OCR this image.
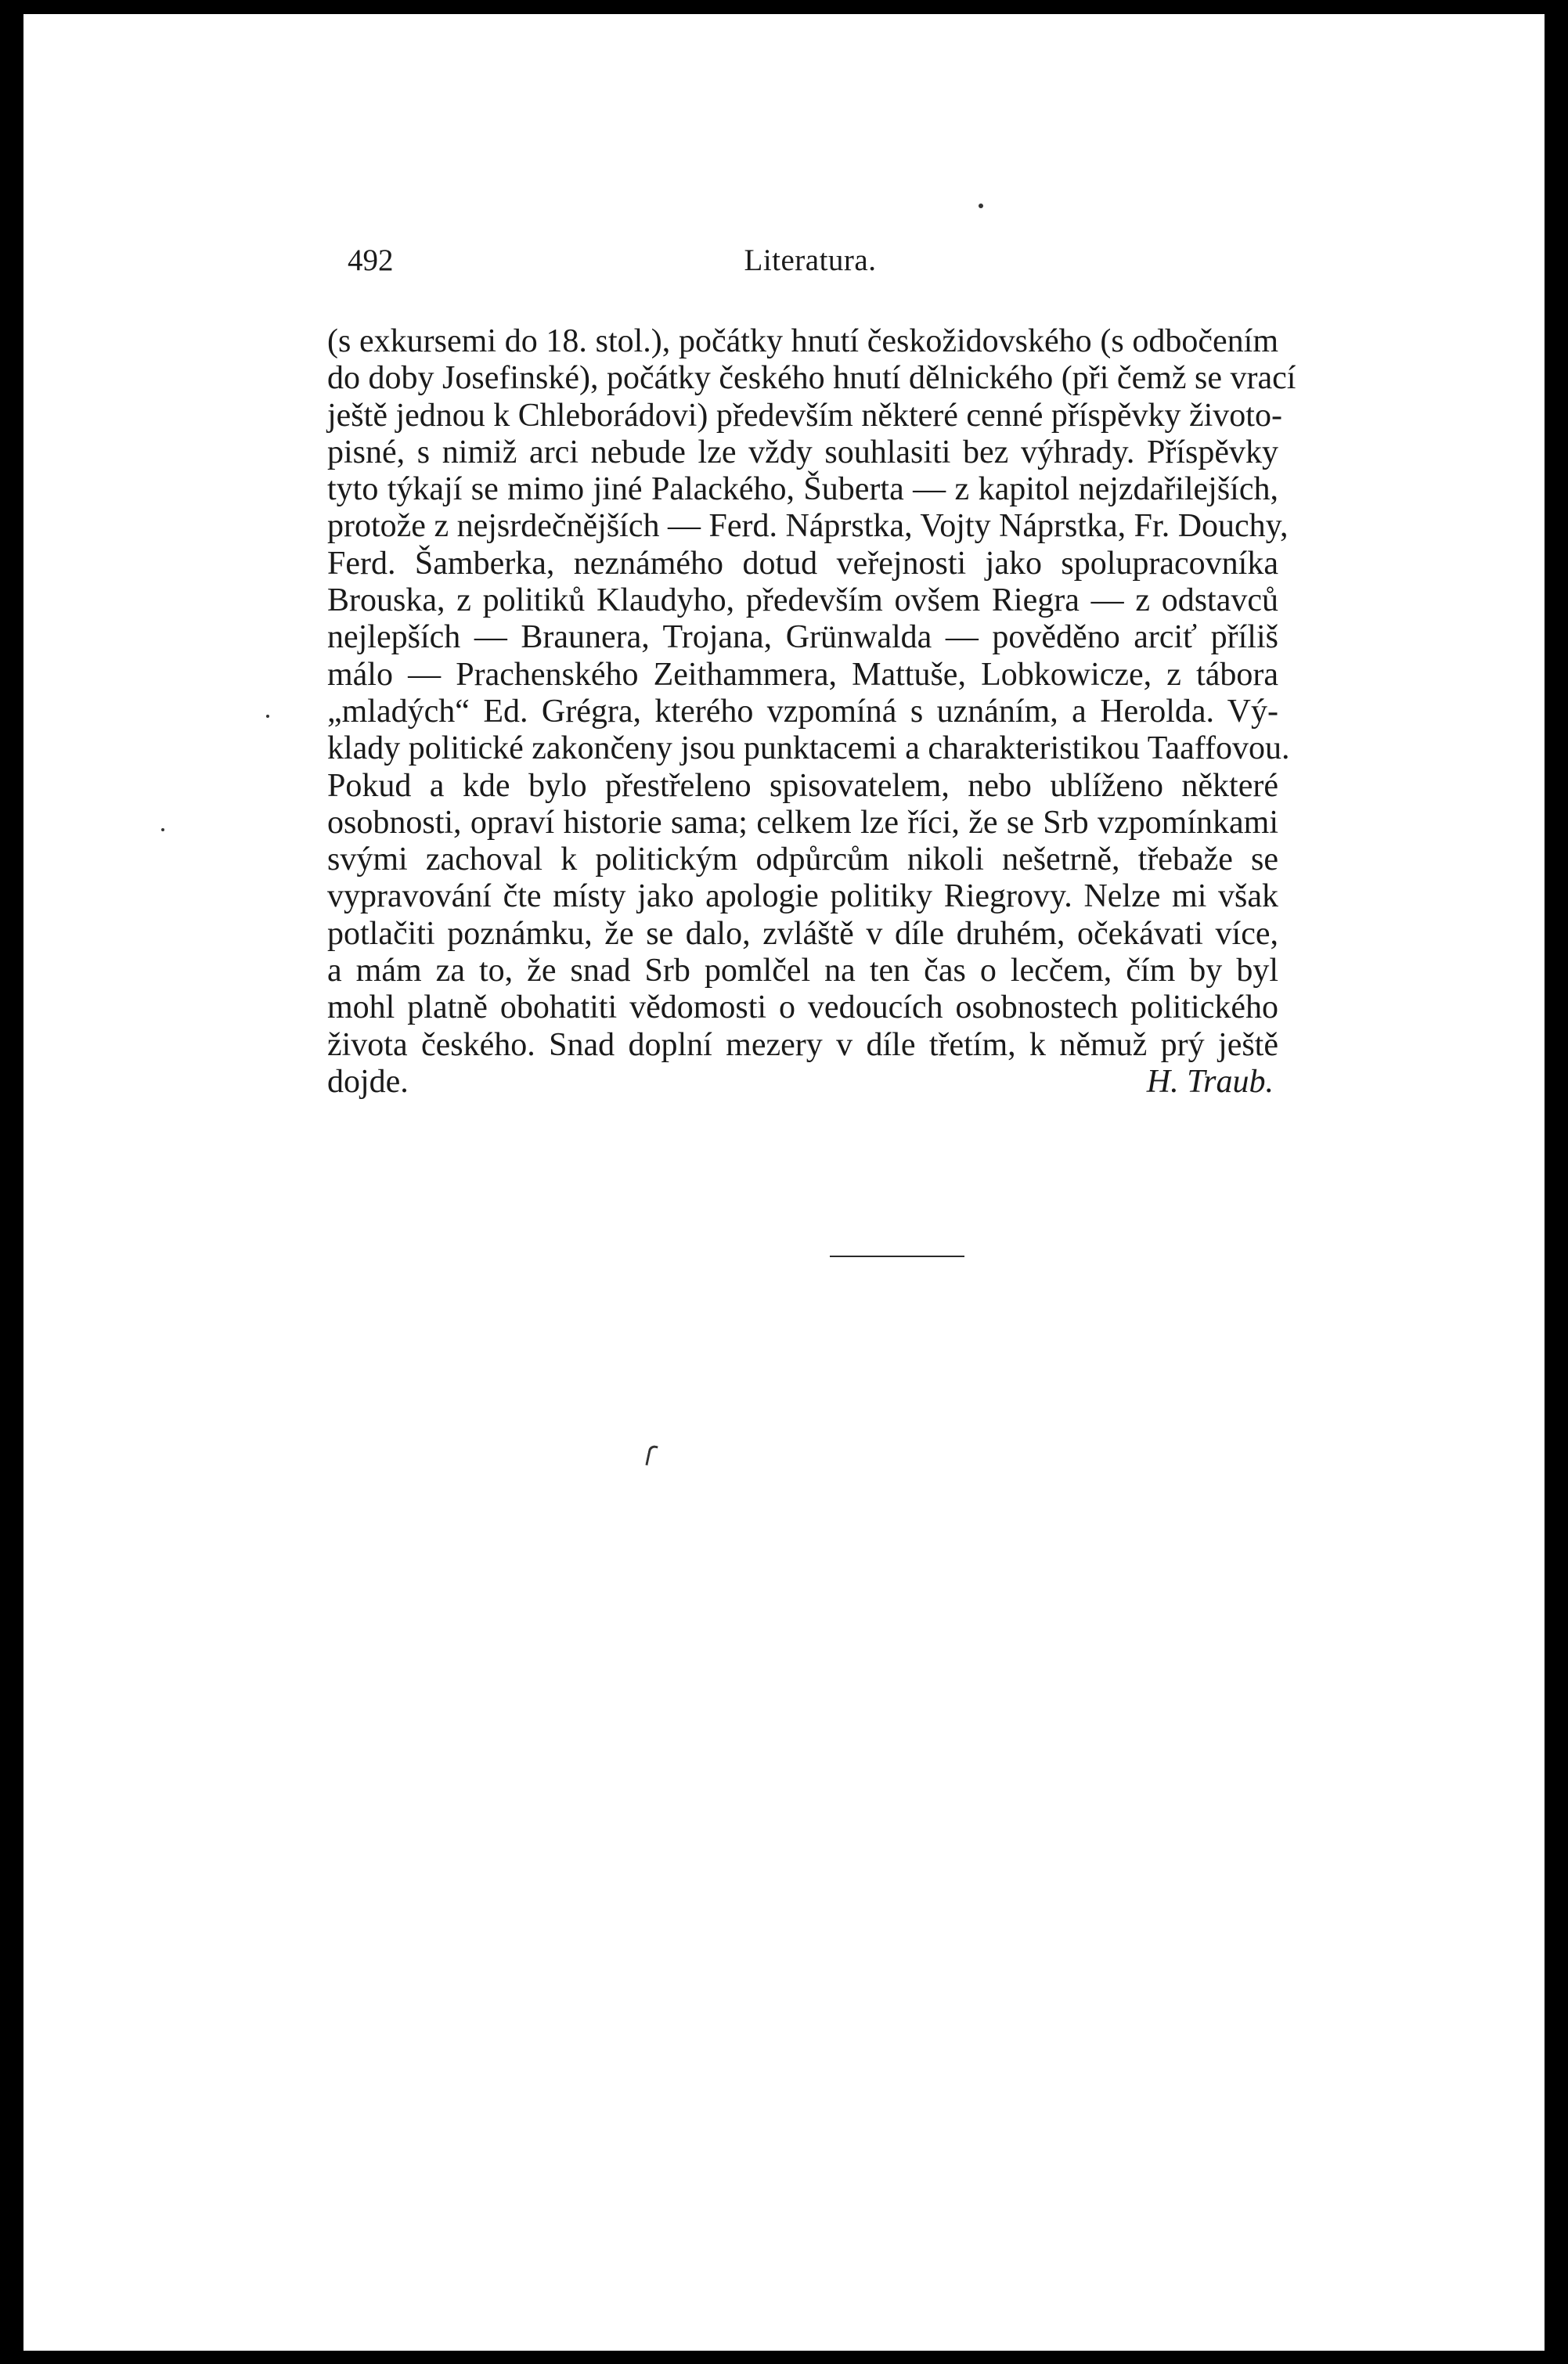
492	Literatura.
(s exkursemi do 18. stol.), počátky hnutí českožidovského (s odbočením
do doby Josefinské), počátky českého hnutí dělnického (při čemž se vrací
ještě jednou k Chleborádovi) především některé cenné příspěvky životo-
pisné, s nimiž arci nebude lze vždy souhlasiti bez výhrady. Příspěvky
tyto týkají se mimo jiné Palackého, Šuberta — z kapitol nejzdařilejších,
protože z nejsrdečnějších — Ferd. Náprstka, Vojty Náprstka, Fr. Douchy,
Ferd. Šamberka, neznámého dotud veřejnosti jako spolupracovníka
Brouska, z politiků Klaudyho, především ovšem Riegra — z odstavců
nejlepších — Braunera, Trojana, Grünwalda — pověděno arciť příliš
málo — Prachenského Zeithammera, Mattuše, Lobkowicze, z tábora
„mladých“ Ed. Grégra, kterého vzpomíná s uznáním, a Herolda. Vý-
klady politické zakončeny jsou punktacemi a charakteristikou Taaffovou.
Pokud a kde bylo přestřeleno spisovatelem, nebo ublíženo některé
osobnosti, opraví historie sama; celkem lze říci, že se Srb vzpomínkami
svými zachoval k politickým odpůrcům nikoli nešetrně, třebaže se
vypravování čte místy jako apologie politiky Riegrovy. Nelze mi však
potlačiti poznámku, že se dalo, zvláště v díle druhém, očekávati více,
a mám za to, že snad Srb pomlčel na ten čas o lecčem, čím by byl
mohl platně obohatiti vědomosti o vedoucích osobnostech politického
života českého. Snad doplní mezery v díle třetím, k němuž prý ještě
dojde.	H. Traub.
